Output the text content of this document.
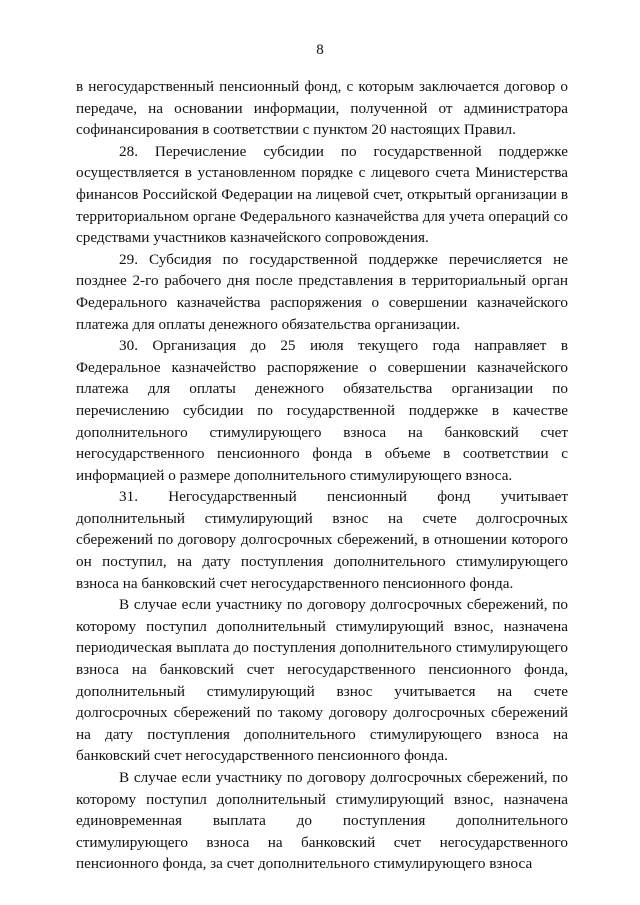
8

в негосударственный пенсионный фонд, с которым заключается договор о передаче, на основании информации, полученной от администратора софинансирования в соответствии с пунктом 20 настоящих Правил.

28. Перечисление субсидии по государственной поддержке осуществляется в установленном порядке с лицевого счета Министерства финансов Российской Федерации на лицевой счет, открытый организации в территориальном органе Федерального казначейства для учета операций со средствами участников казначейского сопровождения.

29. Субсидия по государственной поддержке перечисляется не позднее 2-го рабочего дня после представления в территориальный орган Федерального казначейства распоряжения о совершении казначейского платежа для оплаты денежного обязательства организации.

30. Организация до 25 июля текущего года направляет в Федеральное казначейство распоряжение о совершении казначейского платежа для оплаты денежного обязательства организации по перечислению субсидии по государственной поддержке в качестве дополнительного стимулирующего взноса на банковский счет негосударственного пенсионного фонда в объеме в соответствии с информацией о размере дополнительного стимулирующего взноса.

31. Негосударственный пенсионный фонд учитывает дополнительный стимулирующий взнос на счете долгосрочных сбережений по договору долгосрочных сбережений, в отношении которого он поступил, на дату поступления дополнительного стимулирующего взноса на банковский счет негосударственного пенсионного фонда.

В случае если участнику по договору долгосрочных сбережений, по которому поступил дополнительный стимулирующий взнос, назначена периодическая выплата до поступления дополнительного стимулирующего взноса на банковский счет негосударственного пенсионного фонда, дополнительный стимулирующий взнос учитывается на счете долгосрочных сбережений по такому договору долгосрочных сбережений на дату поступления дополнительного стимулирующего взноса на банковский счет негосударственного пенсионного фонда.

В случае если участнику по договору долгосрочных сбережений, по которому поступил дополнительный стимулирующий взнос, назначена единовременная выплата до поступления дополнительного стимулирующего взноса на банковский счет негосударственного пенсионного фонда, за счет дополнительного стимулирующего взноса
